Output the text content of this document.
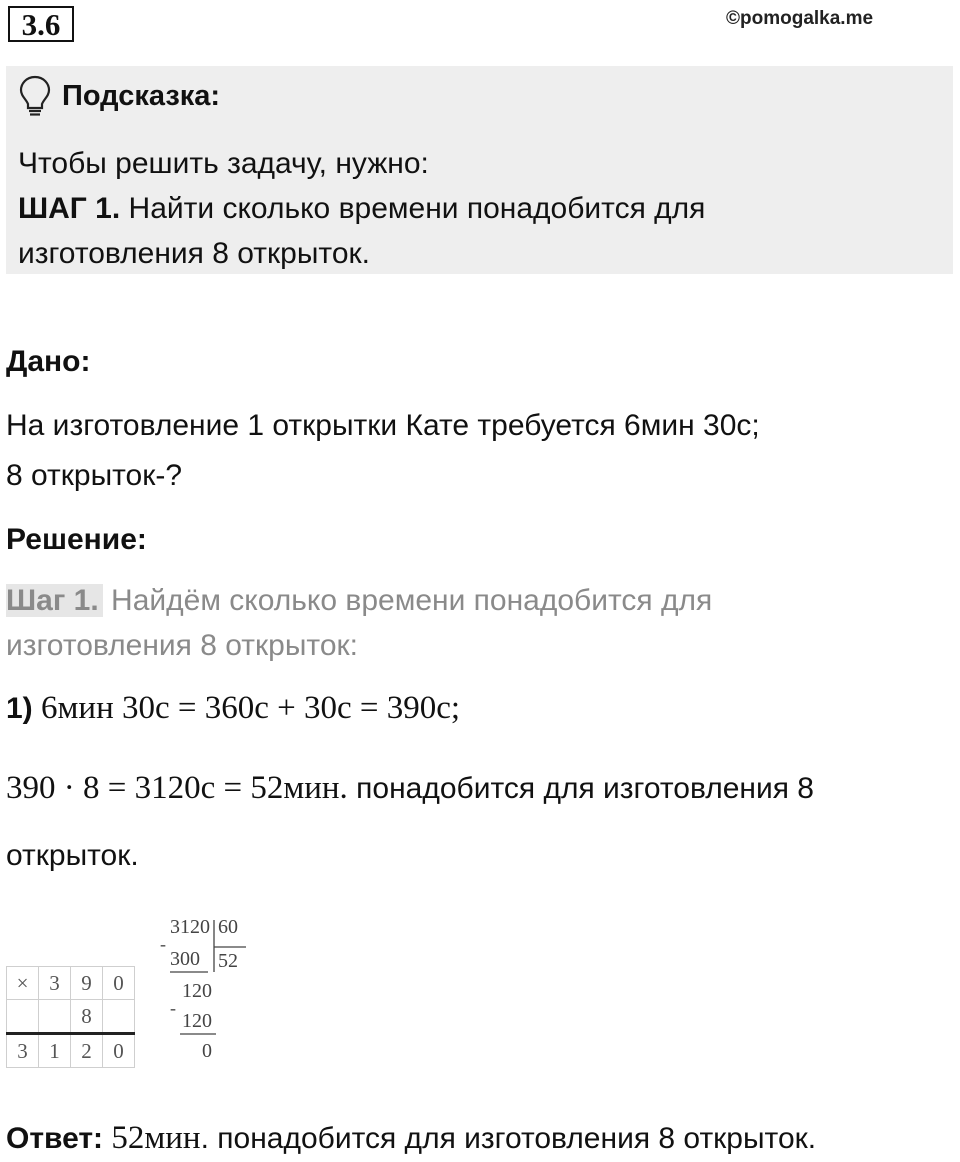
3.6	©pomogalka.me
Подсказка:
Чтобы решить задачу, нужно:
ШАГ 1. Найти сколько времени понадобится для
изготовления 8 открыток.
Дано:
На изготовление 1 открытки Кате требуется 6мин 30с;
8 открыток-?
Решение:
Шаг 1. Найдём сколько времени понадобится для
изготовления 8 открыток:
1) 6мин 30с = 360с + 30с = 390с;
390 · 8 = 3120с = 52мин. понадобится для изготовления 8
открыток.
×	3	9	0
		8	
3	1	2	0
3120 60
-
300 52
120
-
120
0
Ответ: 52мин. понадобится для изготовления 8 открыток.
